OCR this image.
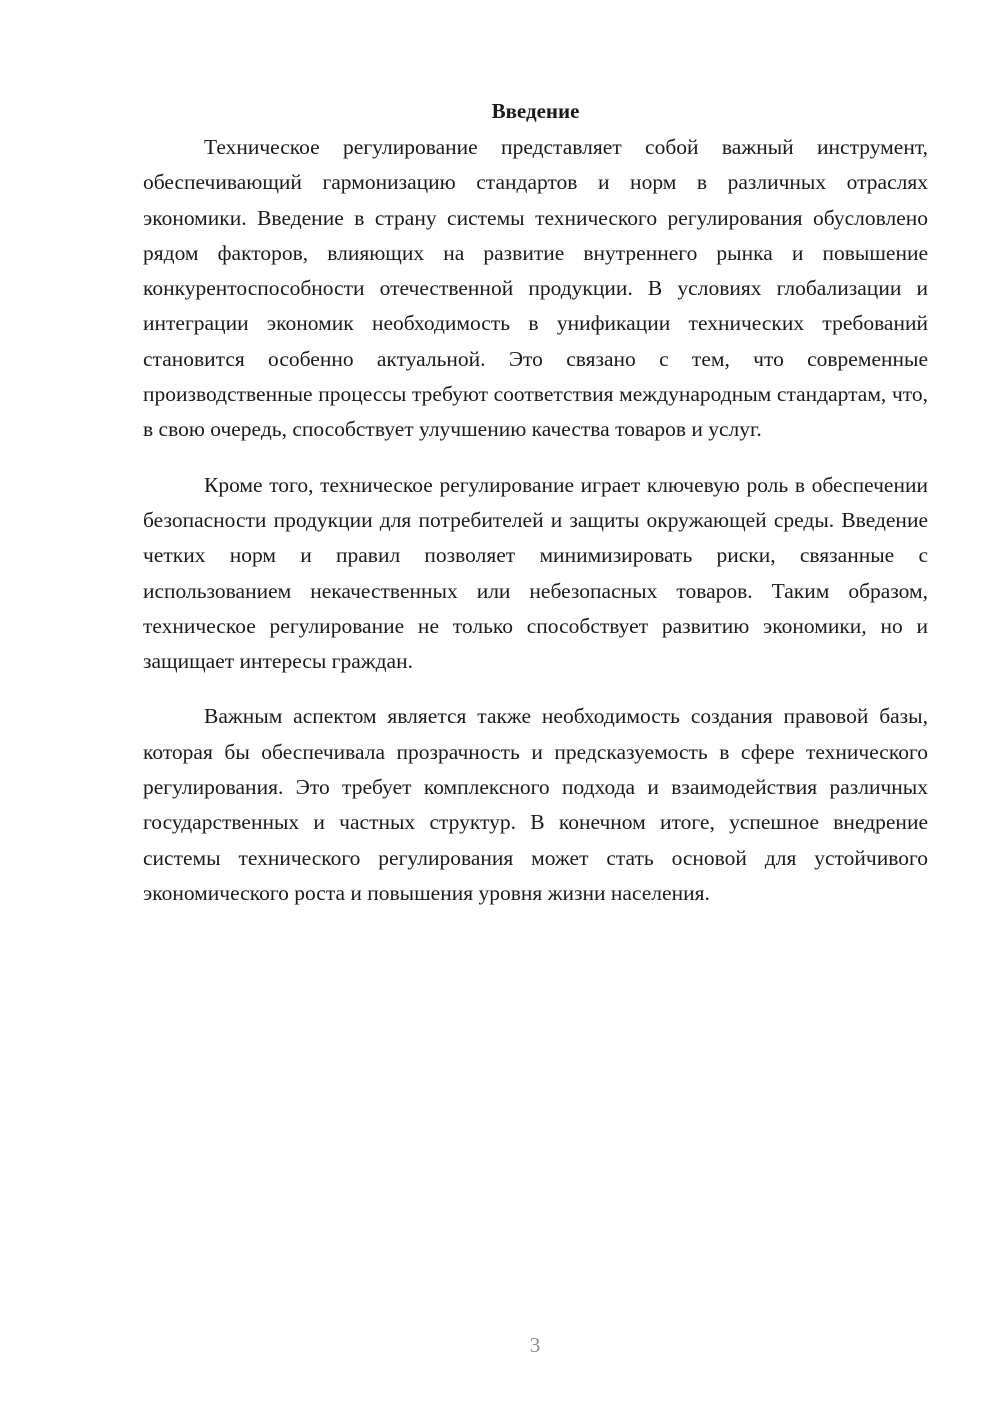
Введение

Техническое регулирование представляет собой важный инструмент, обеспечивающий гармонизацию стандартов и норм в различных отраслях экономики. Введение в страну системы технического регулирования обусловлено рядом факторов, влияющих на развитие внутреннего рынка и повышение конкурентоспособности отечественной продукции. В условиях глобализации и интеграции экономик необходимость в унификации технических требований становится особенно актуальной. Это связано с тем, что современные производственные процессы требуют соответствия международным стандартам, что, в свою очередь, способствует улучшению качества товаров и услуг.

Кроме того, техническое регулирование играет ключевую роль в обеспечении безопасности продукции для потребителей и защиты окружающей среды. Введение четких норм и правил позволяет минимизировать риски, связанные с использованием некачественных или небезопасных товаров. Таким образом, техническое регулирование не только способствует развитию экономики, но и защищает интересы граждан.

Важным аспектом является также необходимость создания правовой базы, которая бы обеспечивала прозрачность и предсказуемость в сфере технического регулирования. Это требует комплексного подхода и взаимодействия различных государственных и частных структур. В конечном итоге, успешное внедрение системы технического регулирования может стать основой для устойчивого экономического роста и повышения уровня жизни населения.

3
